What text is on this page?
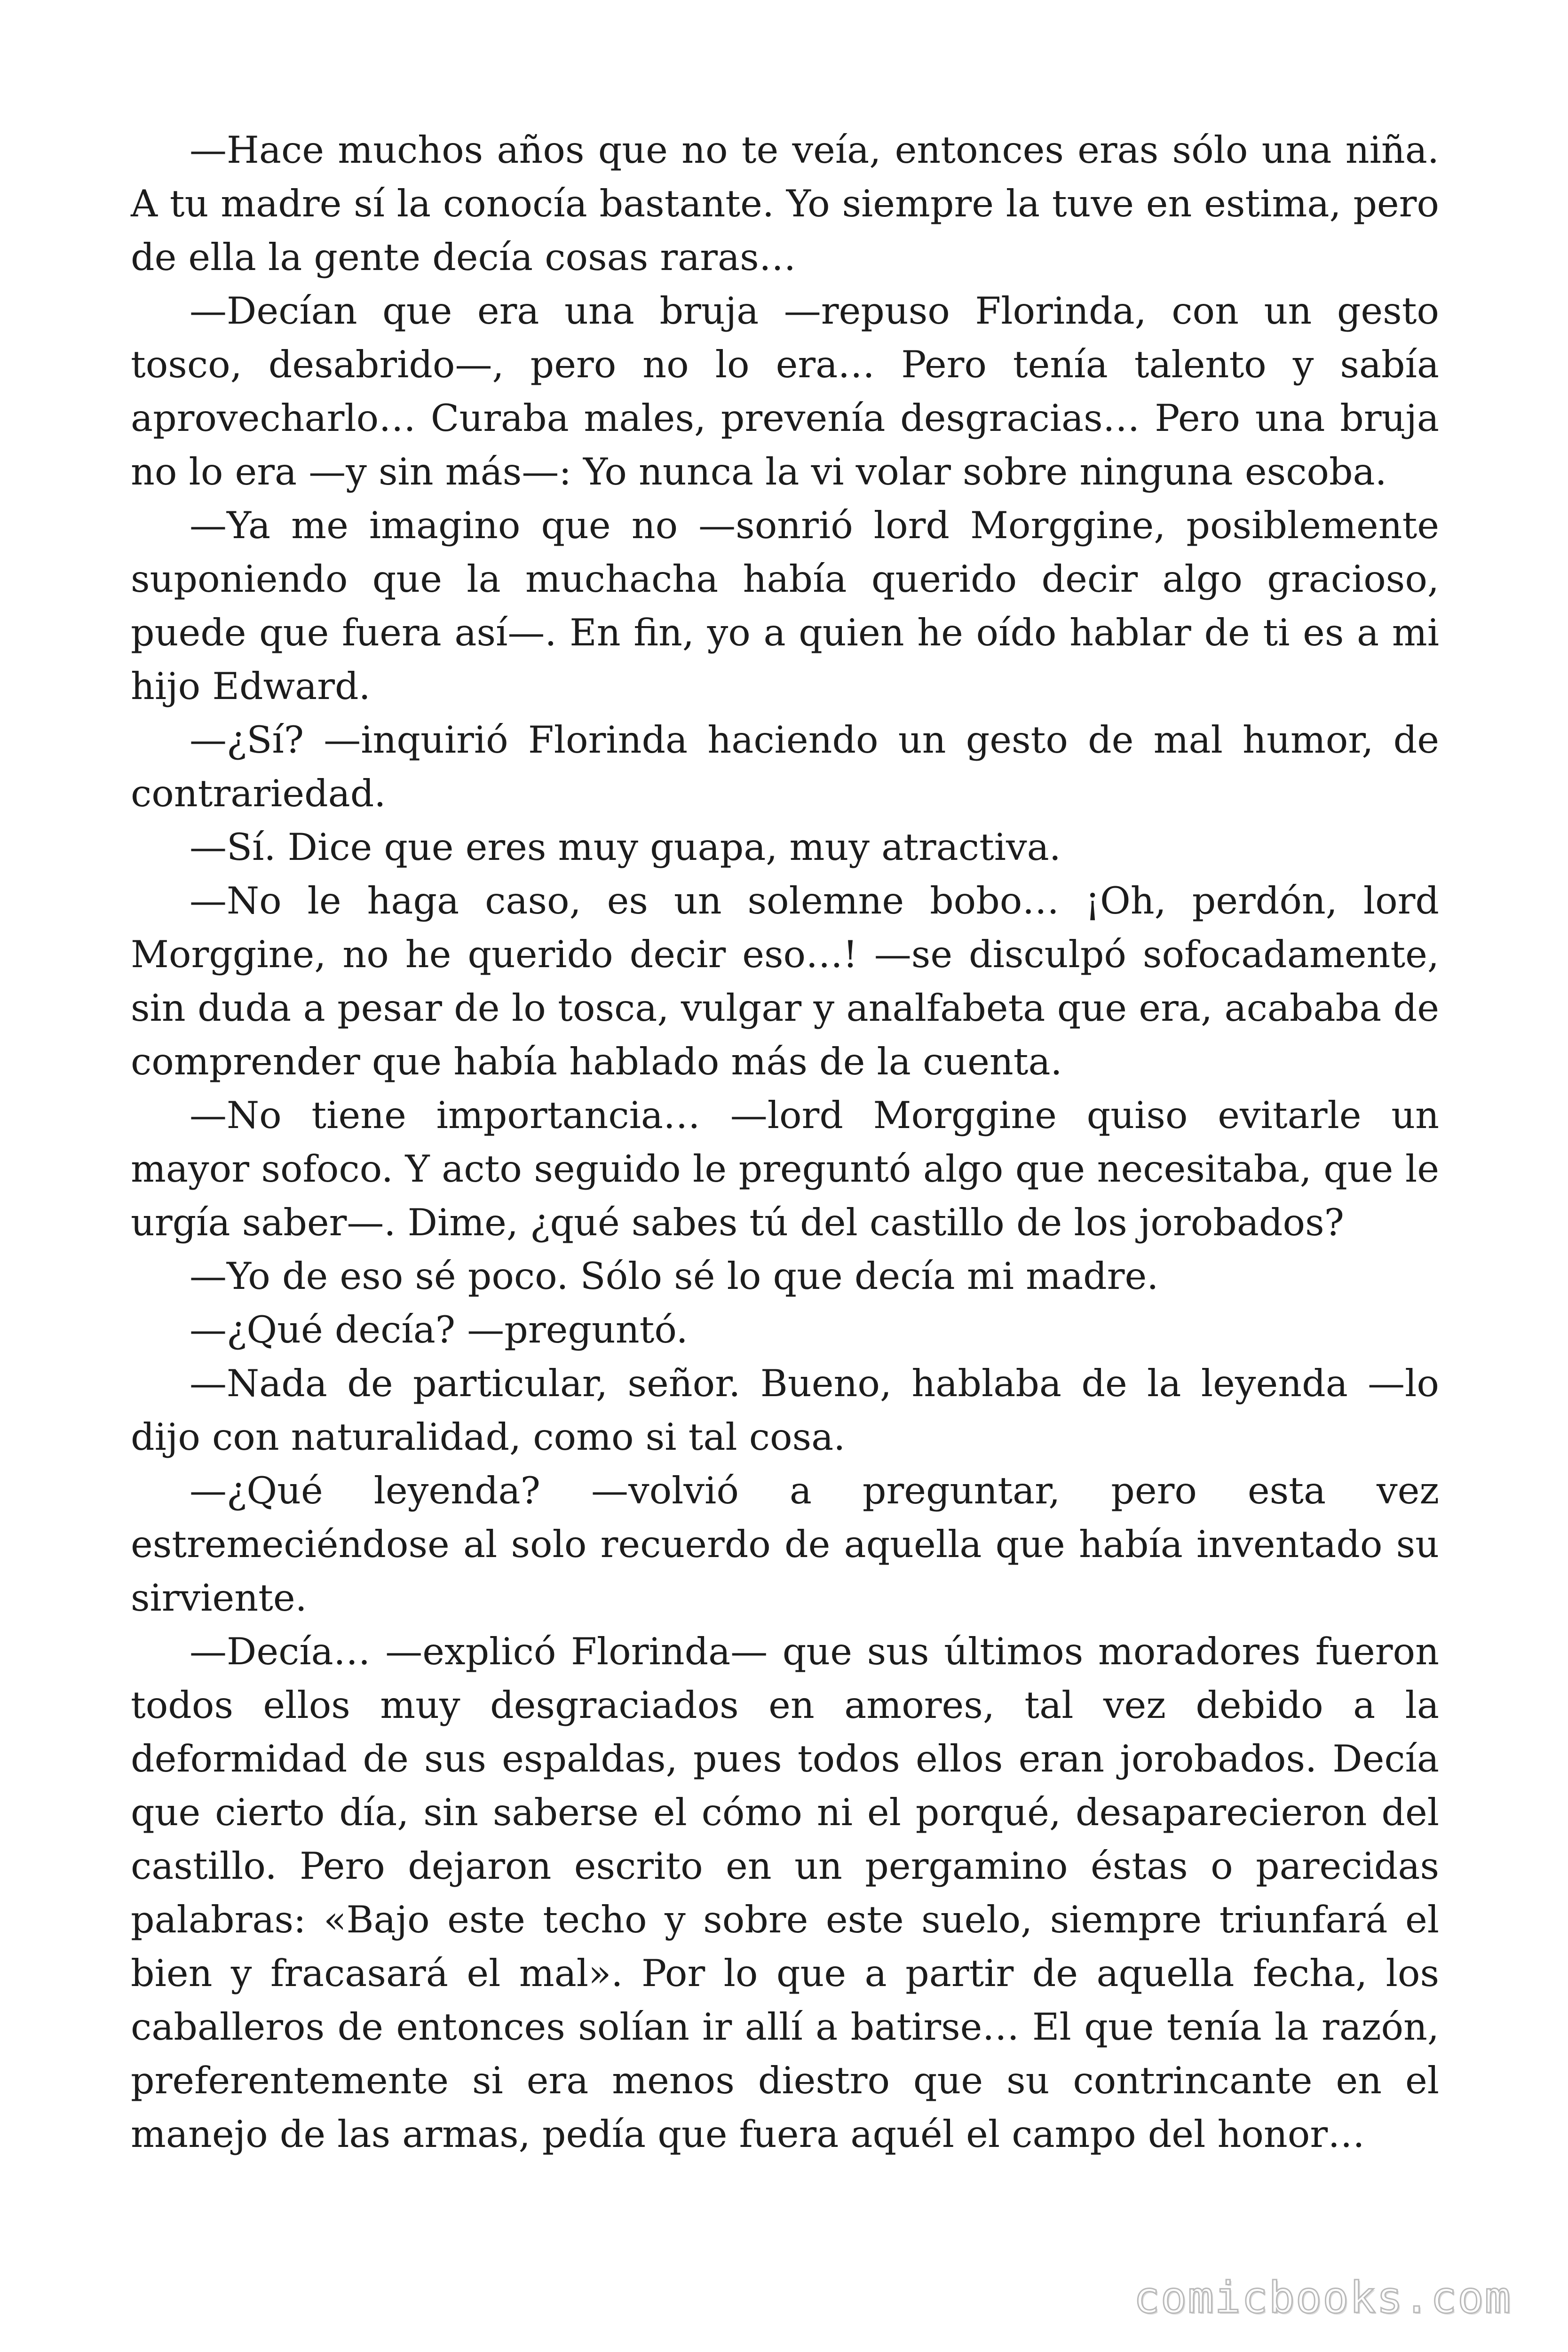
—Hace muchos años que no te veía, entonces eras sólo una niña. A tu madre sí la conocía bastante. Yo siempre la tuve en estima, pero de ella la gente decía cosas raras…

—Decían que era una bruja —repuso Florinda, con un gesto tosco, desabrido—, pero no lo era… Pero tenía talento y sabía aprovecharlo… Curaba males, prevenía desgracias… Pero una bruja no lo era —y sin más—: Yo nunca la vi volar sobre ninguna escoba.

—Ya me imagino que no —sonrió lord Morggine, posiblemente suponiendo que la muchacha había querido decir algo gracioso, puede que fuera así—. En fin, yo a quien he oído hablar de ti es a mi hijo Edward.

—¿Sí? —inquirió Florinda haciendo un gesto de mal humor, de contrariedad.

—Sí. Dice que eres muy guapa, muy atractiva.

—No le haga caso, es un solemne bobo… ¡Oh, perdón, lord Morggine, no he querido decir eso…! —se disculpó sofocadamente, sin duda a pesar de lo tosca, vulgar y analfabeta que era, acababa de comprender que había hablado más de la cuenta.

—No tiene importancia… —lord Morggine quiso evitarle un mayor sofoco. Y acto seguido le preguntó algo que necesitaba, que le urgía saber—. Dime, ¿qué sabes tú del castillo de los jorobados?

—Yo de eso sé poco. Sólo sé lo que decía mi madre.

—¿Qué decía? —preguntó.

—Nada de particular, señor. Bueno, hablaba de la leyenda —lo dijo con naturalidad, como si tal cosa.

—¿Qué leyenda? —volvió a preguntar, pero esta vez estremeciéndose al solo recuerdo de aquella que había inventado su sirviente.

—Decía… —explicó Florinda— que sus últimos moradores fueron todos ellos muy desgraciados en amores, tal vez debido a la deformidad de sus espaldas, pues todos ellos eran jorobados. Decía que cierto día, sin saberse el cómo ni el porqué, desaparecieron del castillo. Pero dejaron escrito en un pergamino éstas o parecidas palabras: «Bajo este techo y sobre este suelo, siempre triunfará el bien y fracasará el mal». Por lo que a partir de aquella fecha, los caballeros de entonces solían ir allí a batirse… El que tenía la razón, preferentemente si era menos diestro que su contrincante en el manejo de las armas, pedía que fuera aquél el campo del honor…

comicbooks.com
